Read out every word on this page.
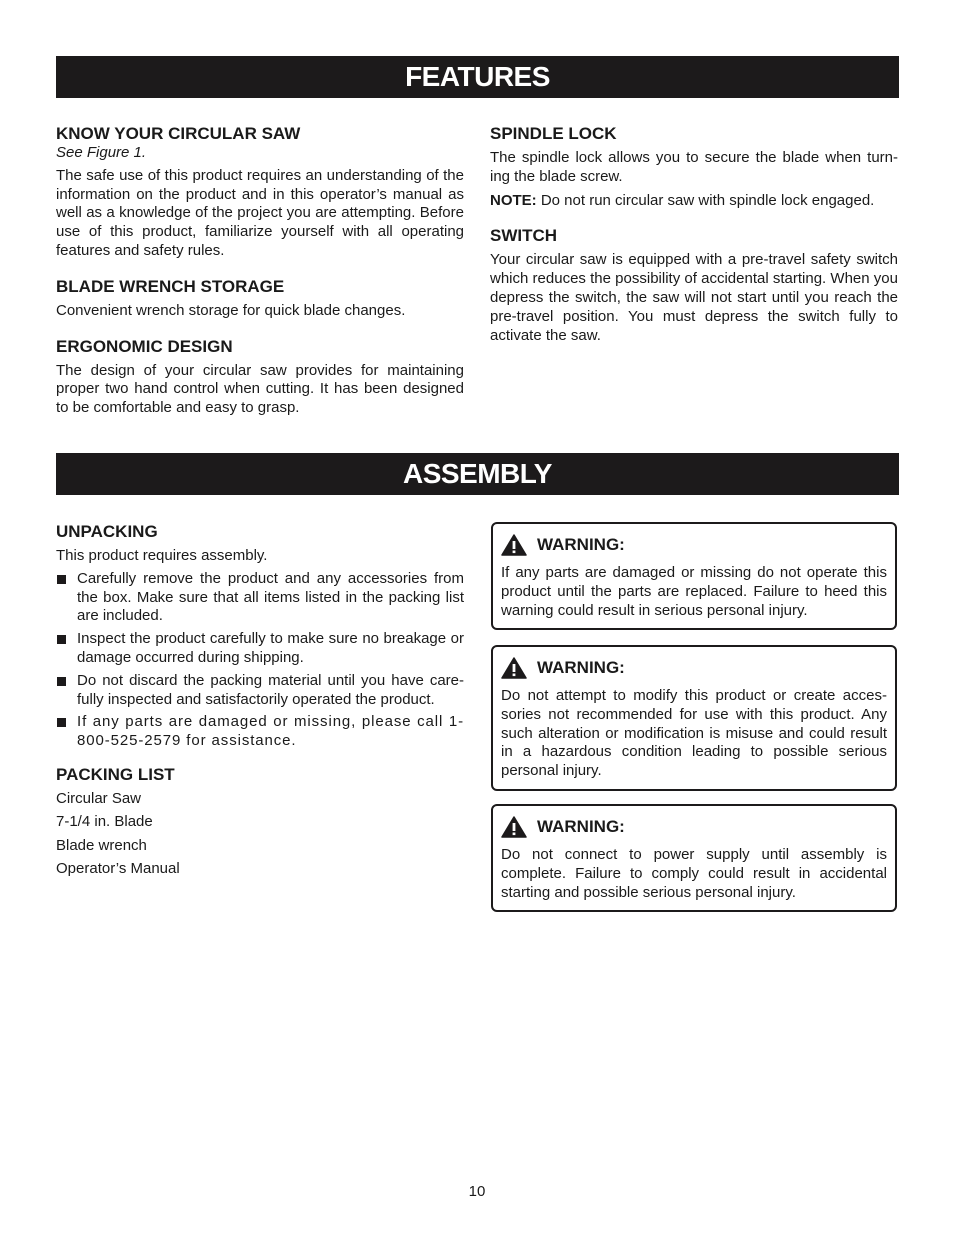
FEATURES
KNOW YOUR CIRCULAR SAW

See Figure 1.

The safe use of this product requires an understanding of the information on the product and in this operator’s manual as well as a knowledge of the project you are attempting. Before use of this product, familiarize yourself with all operating features and safety rules.

BLADE WRENCH STORAGE

Convenient wrench storage for quick blade changes.

ERGONOMIC DESIGN

The design of your circular saw provides for maintaining proper two hand control when cutting. It has been designed to be comfortable and easy to grasp.

SPINDLE LOCK

The spindle lock allows you to secure the blade when turn-ing the blade screw.

NOTE: Do not run circular saw with spindle lock engaged.

SWITCH

Your circular saw is equipped with a pre-travel safety switch which reduces the possibility of accidental starting. When you depress the switch, the saw will not start until you reach the pre-travel position. You must depress the switch fully to activate the saw.

ASSEMBLY
UNPACKING

This product requires assembly.

Carefully remove the product and any accessories from the box. Make sure that all items listed in the packing list are included.
Inspect the product carefully to make sure no breakage or damage occurred during shipping.
Do not discard the packing material until you have care-fully inspected and satisfactorily operated the product.
If any parts are damaged or missing, please call 1-800-525-2579 for assistance.
PACKING LIST
Circular Saw
7-1/4 in. Blade
Blade wrench
Operator’s Manual
WARNING:

If any parts are damaged or missing do not operate this product until the parts are replaced. Failure to heed this warning could result in serious personal injury.

WARNING:

Do not attempt to modify this product or create acces-sories not recommended for use with this product. Any such alteration or modification is misuse and could result in a hazardous condition leading to possible serious personal injury.

WARNING:

Do not connect to power supply until assembly is complete. Failure to comply could result in accidental starting and possible serious personal injury.

10
